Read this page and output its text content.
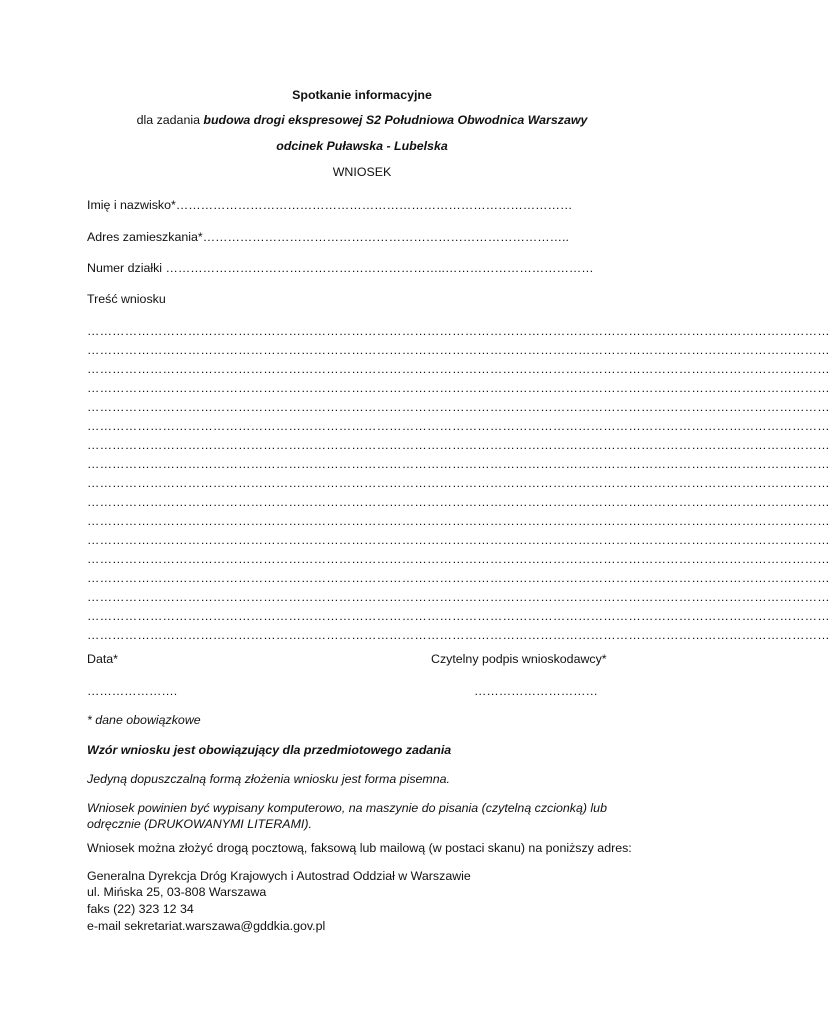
Spotkanie informacyjne
dla zadania budowa drogi ekspresowej S2 Południowa Obwodnica Warszawy
odcinek Puławska - Lubelska
WNIOSEK
Imię i nazwisko*……………………………………………………………………………………
Adres zamieszkania*……………………………………………………………………………..
Numer działki …………………………………………………………..………………………………
Treść wniosku
……………………………………………………………………………………………………………………………………………………………
……………………………………………………………………………………………………………………………………………………………
……………………………………………………………………………………………………………………………………………………………
……………………………………………………………………………………………………………………………………………………………
……………………………………………………………………………………………………………………………………………………………
……………………………………………………………………………………………………………………………………………………………
……………………………………………………………………………………………………………………………………………………………
……………………………………………………………………………………………………………………………………………………………
……………………………………………………………………………………………………………………………………………………………
……………………………………………………………………………………………………………………………………………………………
……………………………………………………………………………………………………………………………………………………………
……………………………………………………………………………………………………………………………………………………………
……………………………………………………………………………………………………………………………………………………………
……………………………………………………………………………………………………………………………………………………………
……………………………………………………………………………………………………………………………………………………………
……………………………………………………………………………………………………………………………………………………………
……………………………………………………………………………………………………………………………………………………………
Data*	Czytelny podpis wnioskodawcy*
………………….	…………………………
* dane obowiązkowe
Wzór wniosku jest obowiązujący dla przedmiotowego zadania
Jedyną dopuszczalną formą złożenia wniosku jest forma pisemna.
Wniosek powinien być wypisany komputerowo, na maszynie do pisania (czytelną czcionką) lub
odręcznie (DRUKOWANYMI LITERAMI).
Wniosek można złożyć drogą pocztową, faksową lub mailową (w postaci skanu) na poniższy adres:
Generalna Dyrekcja Dróg Krajowych i Autostrad Oddział w Warszawie
ul. Mińska 25, 03-808 Warszawa
faks (22) 323 12 34
e-mail sekretariat.warszawa@gddkia.gov.pl
